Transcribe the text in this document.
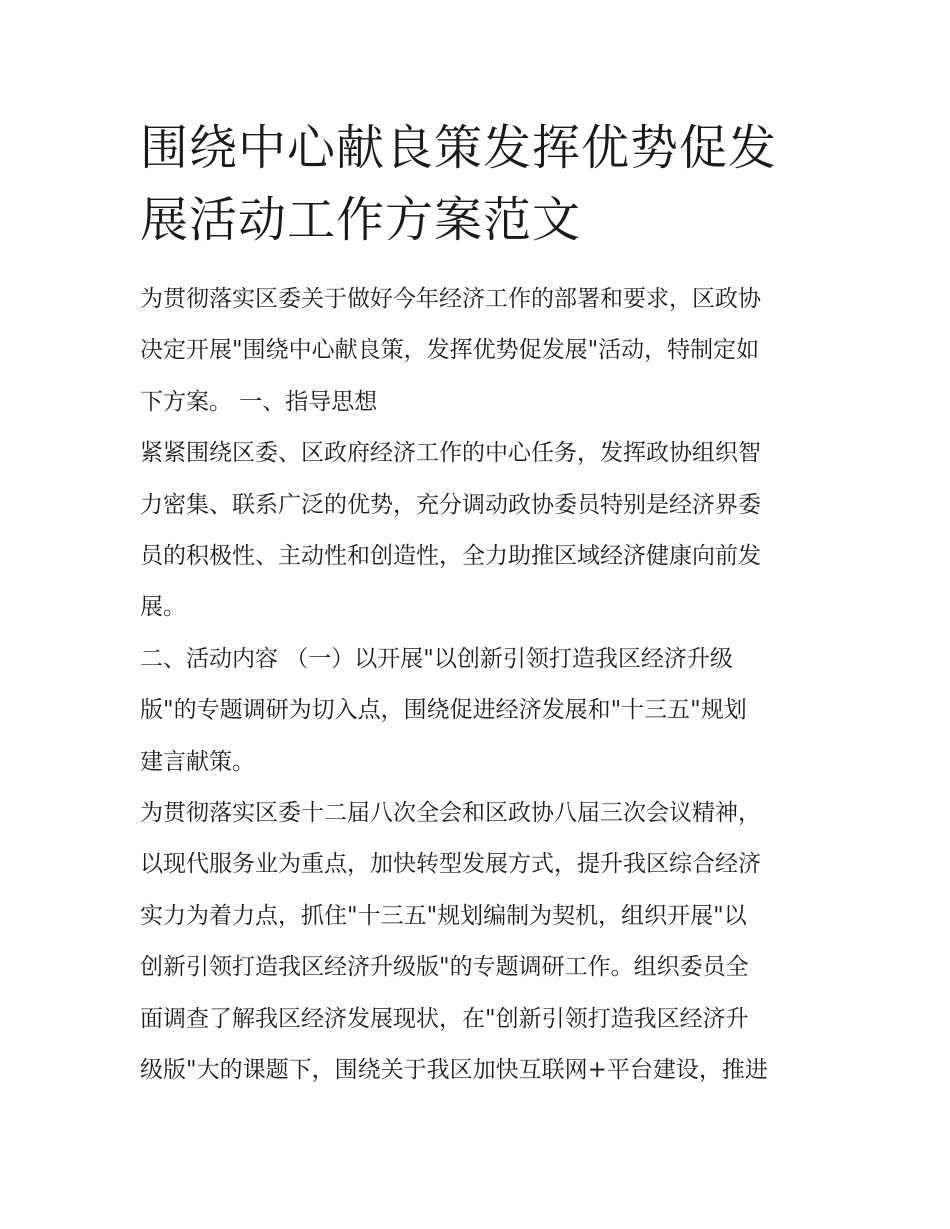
围绕中心献良策发挥优势促发
展活动工作方案范文
为贯彻落实区委关于做好今年经济工作的部署和要求，区政协
决定开展"围绕中心献良策，发挥优势促发展"活动，特制定如
下方案。 一、指导思想
紧紧围绕区委、区政府经济工作的中心任务，发挥政协组织智
力密集、联系广泛的优势，充分调动政协委员特别是经济界委
员的积极性、主动性和创造性，全力助推区域经济健康向前发
展。
二、活动内容 （一）以开展"以创新引领打造我区经济升级
版"的专题调研为切入点，围绕促进经济发展和"十三五"规划
建言献策。
为贯彻落实区委十二届八次全会和区政协八届三次会议精神，
以现代服务业为重点，加快转型发展方式，提升我区综合经济
实力为着力点，抓住"十三五"规划编制为契机，组织开展"以
创新引领打造我区经济升级版"的专题调研工作。组织委员全
面调查了解我区经济发展现状，在"创新引领打造我区经济升
级版"大的课题下，围绕关于我区加快互联网+平台建设，推进
